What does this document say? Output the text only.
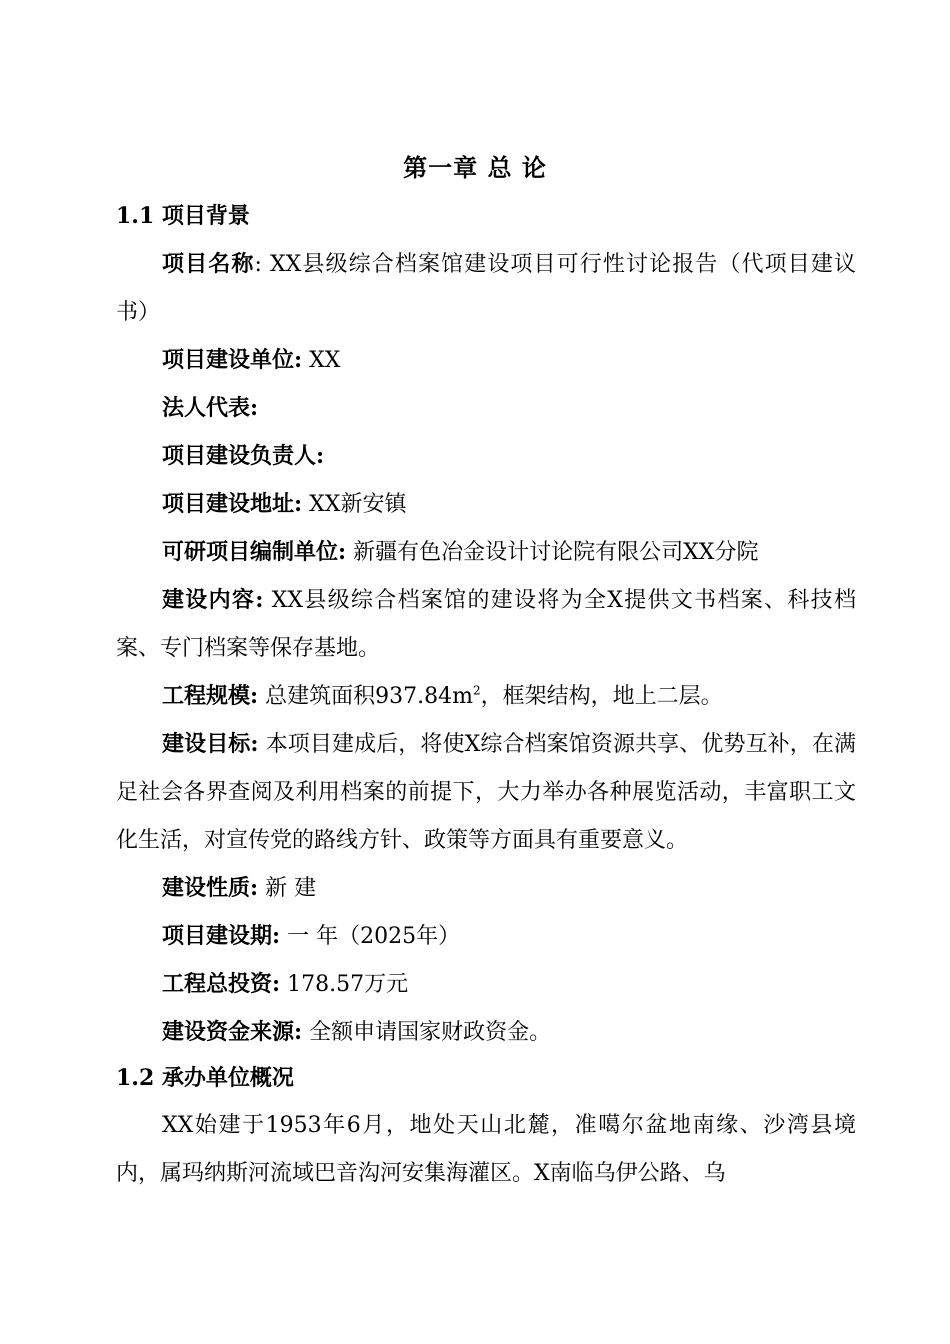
第一章 总 论
1.1 项目背景

项目名称: XX县级综合档案馆建设项目可行性讨论报告（代项目建议书）

项目建设单位: XX

法人代表:

项目建设负责人:

项目建设地址: XX新安镇

可研项目编制单位: 新疆有色冶金设计讨论院有限公司XX分院

建设内容: XX县级综合档案馆的建设将为全X提供文书档案、科技档案、专门档案等保存基地。

工程规模: 总建筑面积$937.84m^2$，框架结构，地上二层。

建设目标: 本项目建成后，将使X综合档案馆资源共享、优势互补，在满足社会各界查阅及利用档案的前提下，大力举办各种展览活动，丰富职工文化生活，对宣传党的路线方针、政策等方面具有重要意义。

建设性质: 新 建

项目建设期: 一 年（2025年）

工程总投资: 178.57万元

建设资金来源: 全额申请国家财政资金。

1.2 承办单位概况

XX始建于1953年6月，地处天山北麓，准噶尔盆地南缘、沙湾县境内，属玛纳斯河流域巴音沟河安集海灌区。X南临乌伊公路、乌
